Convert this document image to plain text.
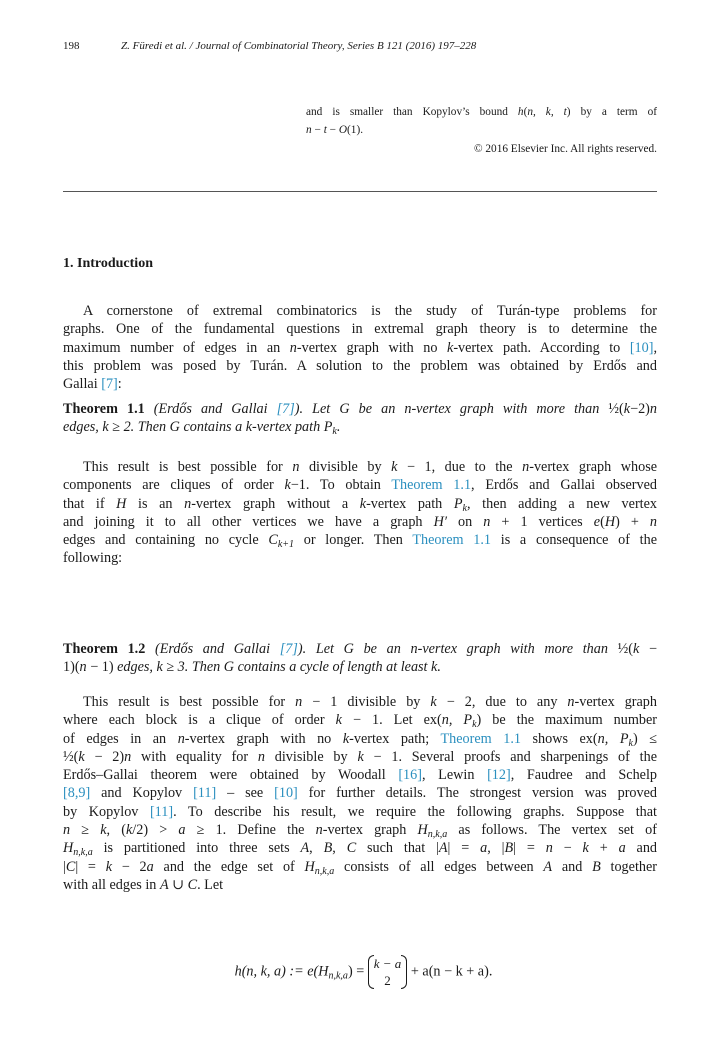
198	Z. Füredi et al. / Journal of Combinatorial Theory, Series B 121 (2016) 197–228
and is smaller than Kopylov’s bound h(n, k, t) by a term of
n − t − O(1).
© 2016 Elsevier Inc. All rights reserved.
1. Introduction
A cornerstone of extremal combinatorics is the study of Turán-type problems for
graphs. One of the fundamental questions in extremal graph theory is to determine the
maximum number of edges in an n-vertex graph with no k-vertex path. According to [10],
this problem was posed by Turán. A solution to the problem was obtained by Erdős and
Gallai [7]:
Theorem 1.1 (Erdős and Gallai [7]). Let G be an n-vertex graph with more than ½(k−2)n
edges, k ≥ 2. Then G contains a k-vertex path $P_k$.
This result is best possible for n divisible by k − 1, due to the n-vertex graph whose
components are cliques of order k−1. To obtain Theorem 1.1, Erdős and Gallai observed
that if H is an n-vertex graph without a k-vertex path $P_k$, then adding a new vertex
and joining it to all other vertices we have a graph H′ on n + 1 vertices e(H) + n
edges and containing no cycle $C_{k+1}$ or longer. Then Theorem 1.1 is a consequence of the
following:
Theorem 1.2 (Erdős and Gallai [7]). Let G be an n-vertex graph with more than ½(k −
1)(n − 1) edges, k ≥ 3. Then G contains a cycle of length at least k.
This result is best possible for n − 1 divisible by k − 2, due to any n-vertex graph
where each block is a clique of order k − 1. Let ex(n, $P_k$) be the maximum number
of edges in an n-vertex graph with no k-vertex path; Theorem 1.1 shows ex(n, $P_k$) ≤
½(k − 2)n with equality for n divisible by k − 1. Several proofs and sharpenings of the
Erdős–Gallai theorem were obtained by Woodall [16], Lewin [12], Faudree and Schelp
[8,9] and Kopylov [11] – see [10] for further details. The strongest version was proved
by Kopylov [11]. To describe his result, we require the following graphs. Suppose that
n ≥ k, (k/2) > a ≥ 1. Define the n-vertex graph $H_{n,k,a}$ as follows. The vertex set of
$H_{n,k,a}$ is partitioned into three sets A, B, C such that |A| = a, |B| = n − k + a and
|C| = k − 2a and the edge set of $H_{n,k,a}$ consists of all edges between A and B together
with all edges in A ∪ C. Let
h(n, k, a) := $e(H_{n,k,a}) = k - a$
2
+ a(n − k + a).
